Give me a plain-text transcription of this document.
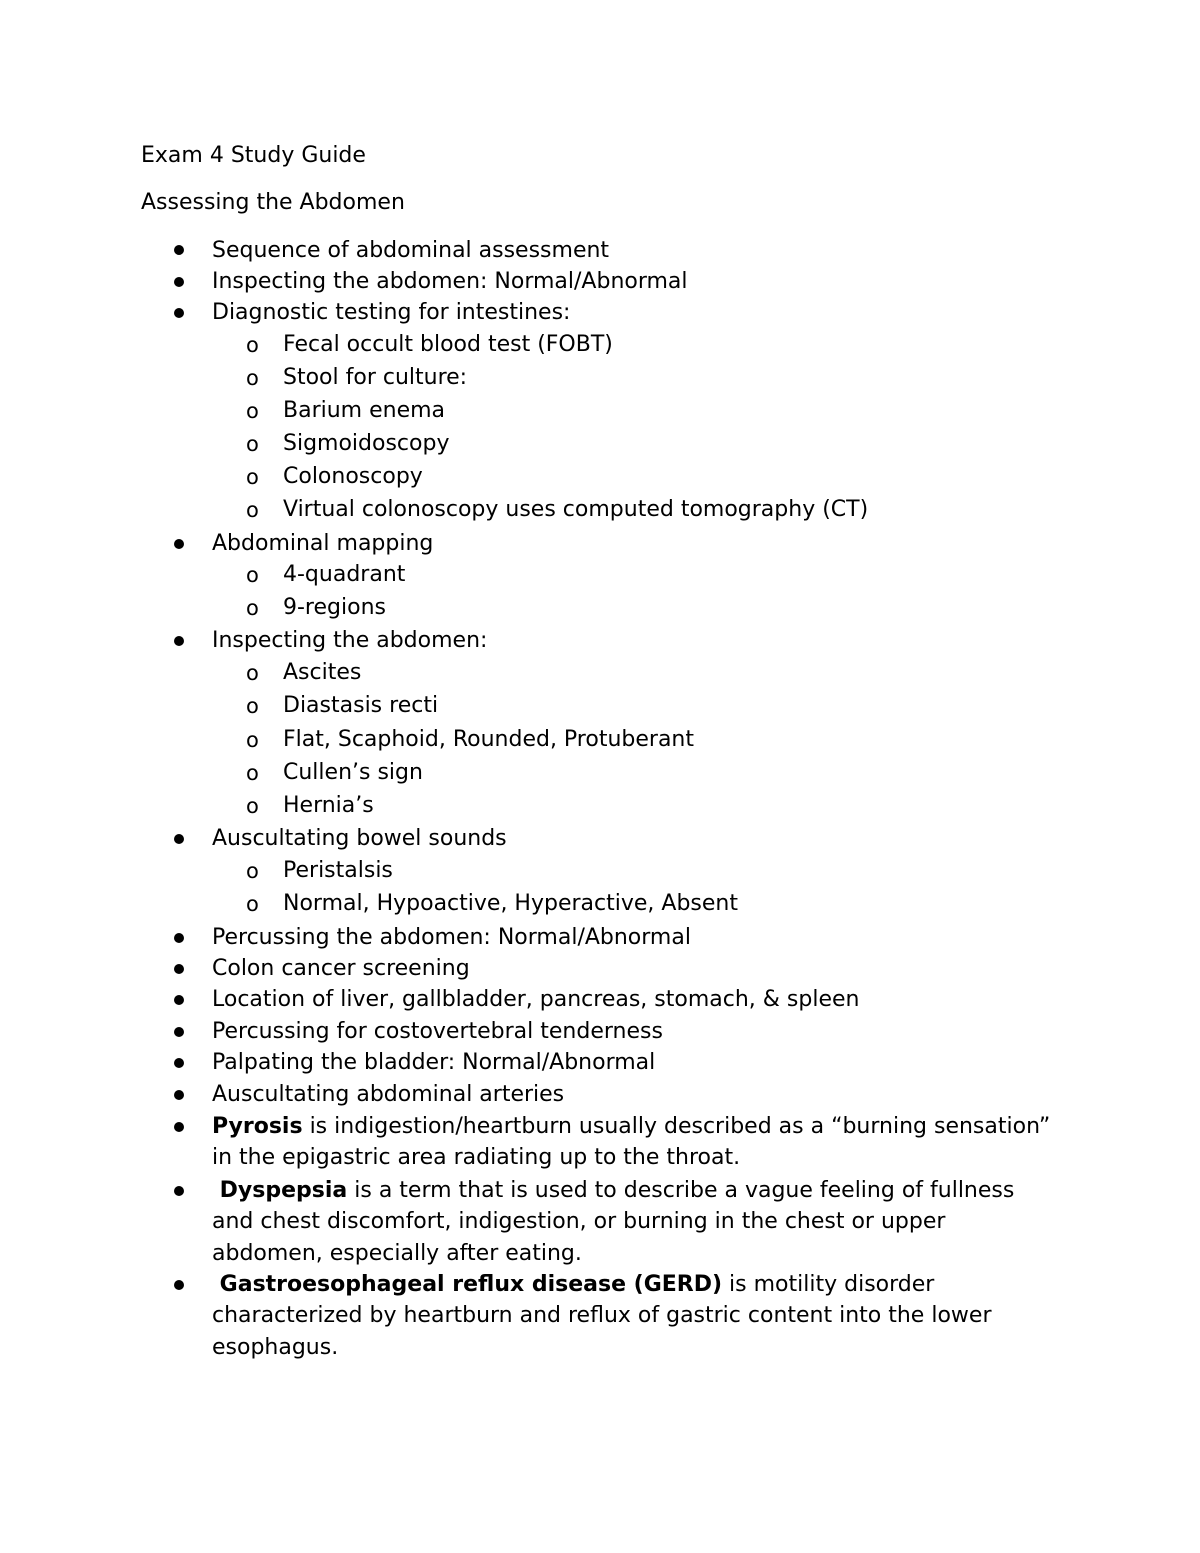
Exam 4 Study Guide
Assessing the Abdomen
Sequence of abdominal assessment
Inspecting the abdomen: Normal/Abnormal
Diagnostic testing for intestines:
o Fecal occult blood test (FOBT)
o Stool for culture:
o Barium enema
o Sigmoidoscopy
o Colonoscopy
o Virtual colonoscopy uses computed tomography (CT)
Abdominal mapping
o 4-quadrant
o 9-regions
Inspecting the abdomen:
o Ascites
o Diastasis recti
o Flat, Scaphoid, Rounded, Protuberant
o Cullen’s sign
o Hernia’s
Auscultating bowel sounds
o Peristalsis
o Normal, Hypoactive, Hyperactive, Absent
Percussing the abdomen: Normal/Abnormal
Colon cancer screening
Location of liver, gallbladder, pancreas, stomach, & spleen
Percussing for costovertebral tenderness
Palpating the bladder: Normal/Abnormal
Auscultating abdominal arteries
Pyrosis is indigestion/heartburn usually described as a “burning sensation” in the epigastric area radiating up to the throat.
Dyspepsia is a term that is used to describe a vague feeling of fullness and chest discomfort, indigestion, or burning in the chest or upper abdomen, especially after eating.
Gastroesophageal reflux disease (GERD) is motility disorder characterized by heartburn and reflux of gastric content into the lower esophagus.
